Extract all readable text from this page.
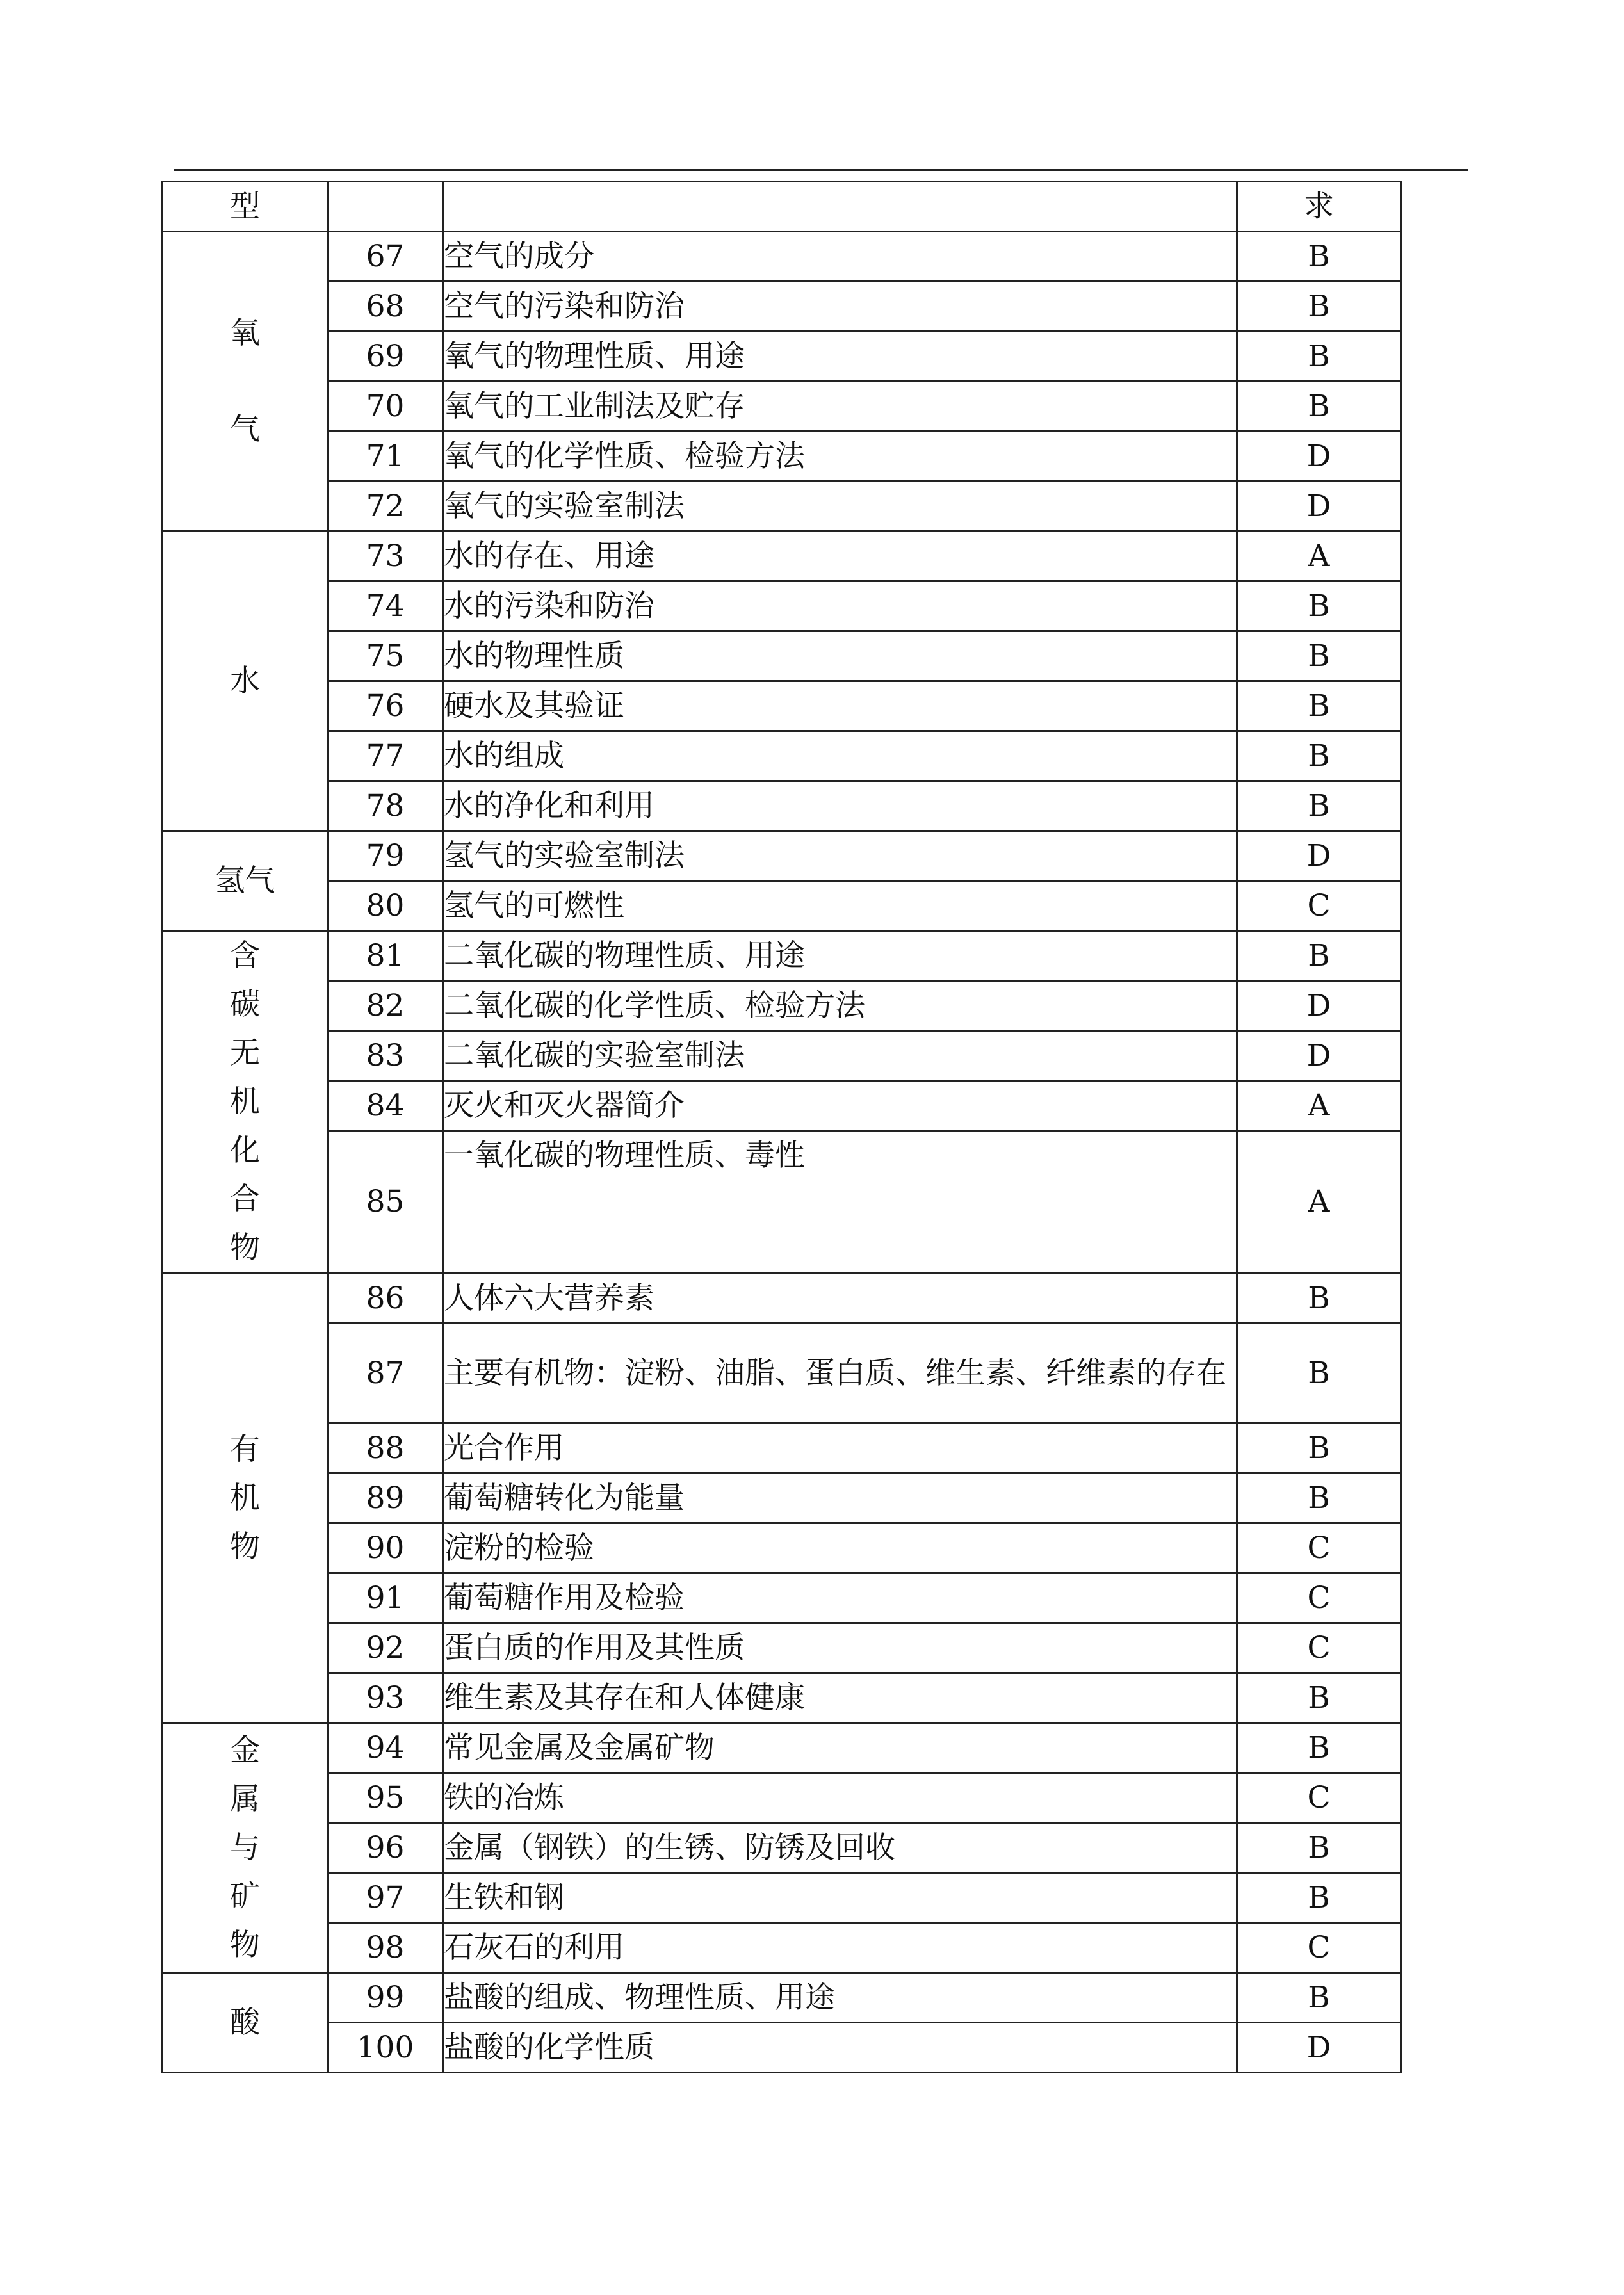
型			求
氧气	67	空气的成分	B
	68	空气的污染和防治	B
	69	氧气的物理性质、用途	B
	70	氧气的工业制法及贮存	B
	71	氧气的化学性质、检验方法	D
	72	氧气的实验室制法	D
水	73	水的存在、用途	A
	74	水的污染和防治	B
	75	水的物理性质	B
	76	硬水及其验证	B
	77	水的组成	B
	78	水的净化和利用	B
氢气	79	氢气的实验室制法	D
	80	氢气的可燃性	C
含碳无机化合物	81	二氧化碳的物理性质、用途	B
	82	二氧化碳的化学性质、检验方法	D
	83	二氧化碳的实验室制法	D
	84	灭火和灭火器简介	A
	85	一氧化碳的物理性质、毒性	A
有机物	86	人体六大营养素	B
	87	主要有机物：淀粉、油脂、蛋白质、维生素、纤维素的存在	B
	88	光合作用	B
	89	葡萄糖转化为能量	B
	90	淀粉的检验	C
	91	葡萄糖作用及检验	C
	92	蛋白质的作用及其性质	C
	93	维生素及其存在和人体健康	B
金属与矿物	94	常见金属及金属矿物	B
	95	铁的冶炼	C
	96	金属（钢铁）的生锈、防锈及回收	B
	97	生铁和钢	B
	98	石灰石的利用	C
酸	99	盐酸的组成、物理性质、用途	B
	100	盐酸的化学性质	D
